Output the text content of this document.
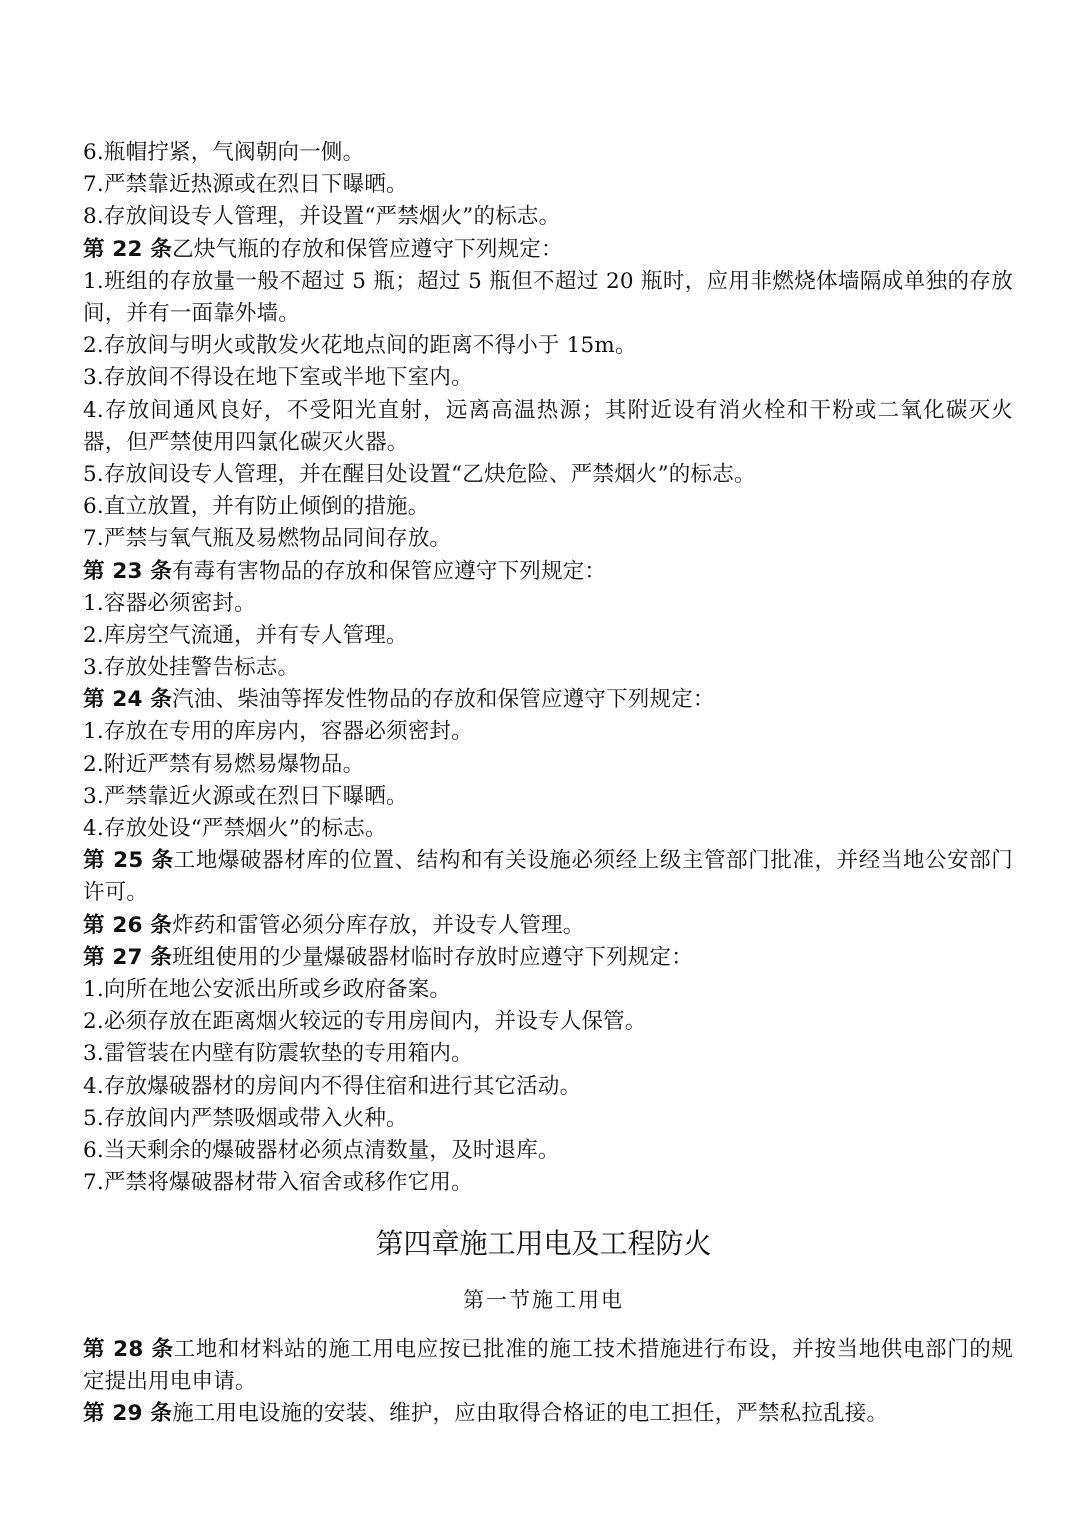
6.瓶帽拧紧，气阀朝向一侧。
7.严禁靠近热源或在烈日下曝晒。
8.存放间设专人管理，并设置“严禁烟火”的标志。
第 22 条乙炔气瓶的存放和保管应遵守下列规定：
1.班组的存放量一般不超过 5 瓶；超过 5 瓶但不超过 20 瓶时，应用非燃烧体墙隔成单独的存放间，并有一面靠外墙。
2.存放间与明火或散发火花地点间的距离不得小于 15m。
3.存放间不得设在地下室或半地下室内。
4.存放间通风良好，不受阳光直射，远离高温热源；其附近设有消火栓和干粉或二氧化碳灭火器，但严禁使用四氯化碳灭火器。
5.存放间设专人管理，并在醒目处设置“乙炔危险、严禁烟火”的标志。
6.直立放置，并有防止倾倒的措施。
7.严禁与氧气瓶及易燃物品同间存放。
第 23 条有毒有害物品的存放和保管应遵守下列规定：
1.容器必须密封。
2.库房空气流通，并有专人管理。
3.存放处挂警告标志。
第 24 条汽油、柴油等挥发性物品的存放和保管应遵守下列规定：
1.存放在专用的库房内，容器必须密封。
2.附近严禁有易燃易爆物品。
3.严禁靠近火源或在烈日下曝晒。
4.存放处设“严禁烟火”的标志。
第 25 条工地爆破器材库的位置、结构和有关设施必须经上级主管部门批准，并经当地公安部门许可。
第 26 条炸药和雷管必须分库存放，并设专人管理。
第 27 条班组使用的少量爆破器材临时存放时应遵守下列规定：
1.向所在地公安派出所或乡政府备案。
2.必须存放在距离烟火较远的专用房间内，并设专人保管。
3.雷管装在内壁有防震软垫的专用箱内。
4.存放爆破器材的房间内不得住宿和进行其它活动。
5.存放间内严禁吸烟或带入火种。
6.当天剩余的爆破器材必须点清数量，及时退库。
7.严禁将爆破器材带入宿舍或移作它用。
第四章施工用电及工程防火
第一节施工用电
第 28 条工地和材料站的施工用电应按已批准的施工技术措施进行布设，并按当地供电部门的规定提出用电申请。
第 29 条施工用电设施的安装、维护，应由取得合格证的电工担任，严禁私拉乱接。
